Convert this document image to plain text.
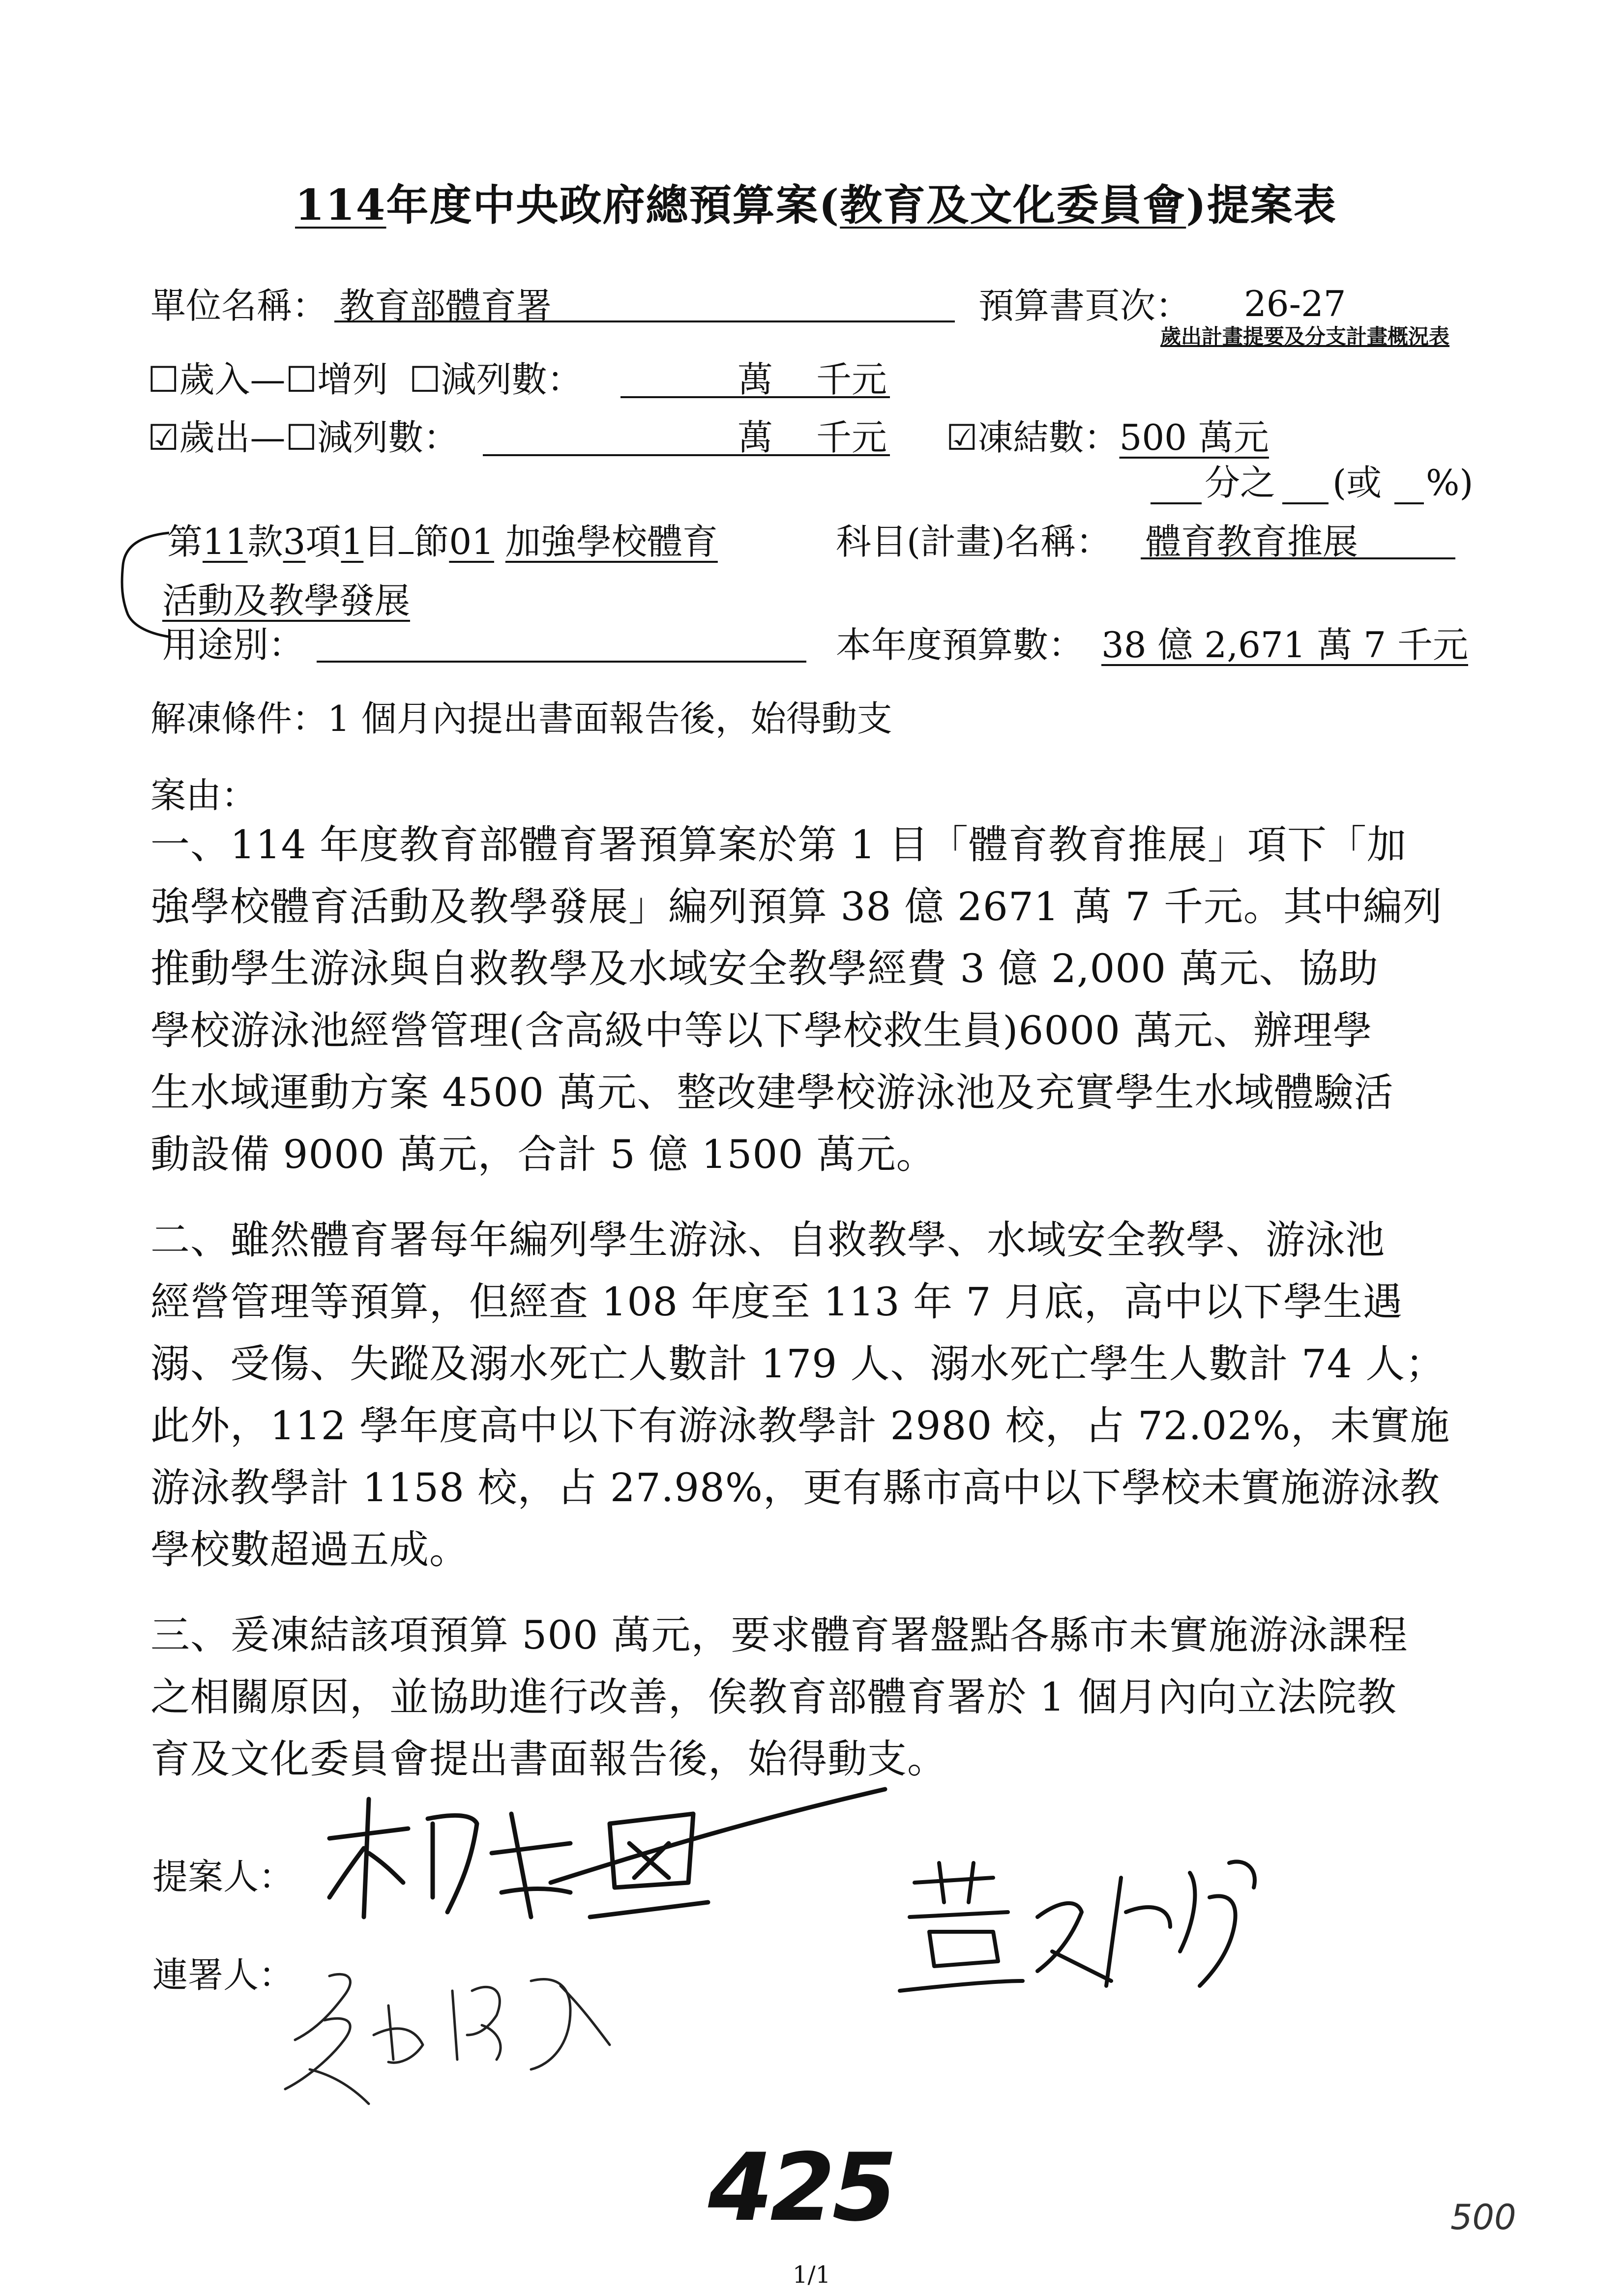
114年度中央政府總預算案(教育及文化委員會)提案表
單位名稱： 教育部體育署	預算書頁次： 26-27
歲出計畫提要及分支計畫概況表
☐歲入—☐增列 ☐減列數：	萬 千元
☑歲出—☐減列數：	萬 千元 ☑凍結數：500 萬元
分之 (或 %)
第11款3項1目 節01 加強學校體育	科目(計畫)名稱： 體育教育推展
活動及教學發展
用途別：	本年度預算數： 38 億 2,671 萬 7 千元
解凍條件：1 個月內提出書面報告後，始得動支
案由：
一、114 年度教育部體育署預算案於第 1 目「體育教育推展」項下「加
強學校體育活動及教學發展」編列預算 38 億 2671 萬 7 千元。其中編列
推動學生游泳與自救教學及水域安全教學經費 3 億 2,000 萬元、協助
學校游泳池經營管理(含高級中等以下學校救生員)6000 萬元、辦理學
生水域運動方案 4500 萬元、整改建學校游泳池及充實學生水域體驗活
動設備 9000 萬元，合計 5 億 1500 萬元。
二、雖然體育署每年編列學生游泳、自救教學、水域安全教學、游泳池
經營管理等預算，但經查 108 年度至 113 年 7 月底，高中以下學生遇
溺、受傷、失蹤及溺水死亡人數計 179 人、溺水死亡學生人數計 74 人；
此外，112 學年度高中以下有游泳教學計 2980 校，占 72.02%，未實施
游泳教學計 1158 校，占 27.98%，更有縣市高中以下學校未實施游泳教
學校數超過五成。
三、爰凍結該項預算 500 萬元，要求體育署盤點各縣市未實施游泳課程
之相關原因，並協助進行改善，俟教育部體育署於 1 個月內向立法院教
育及文化委員會提出書面報告後，始得動支。
提案人：
連署人：
425	500
1/1
